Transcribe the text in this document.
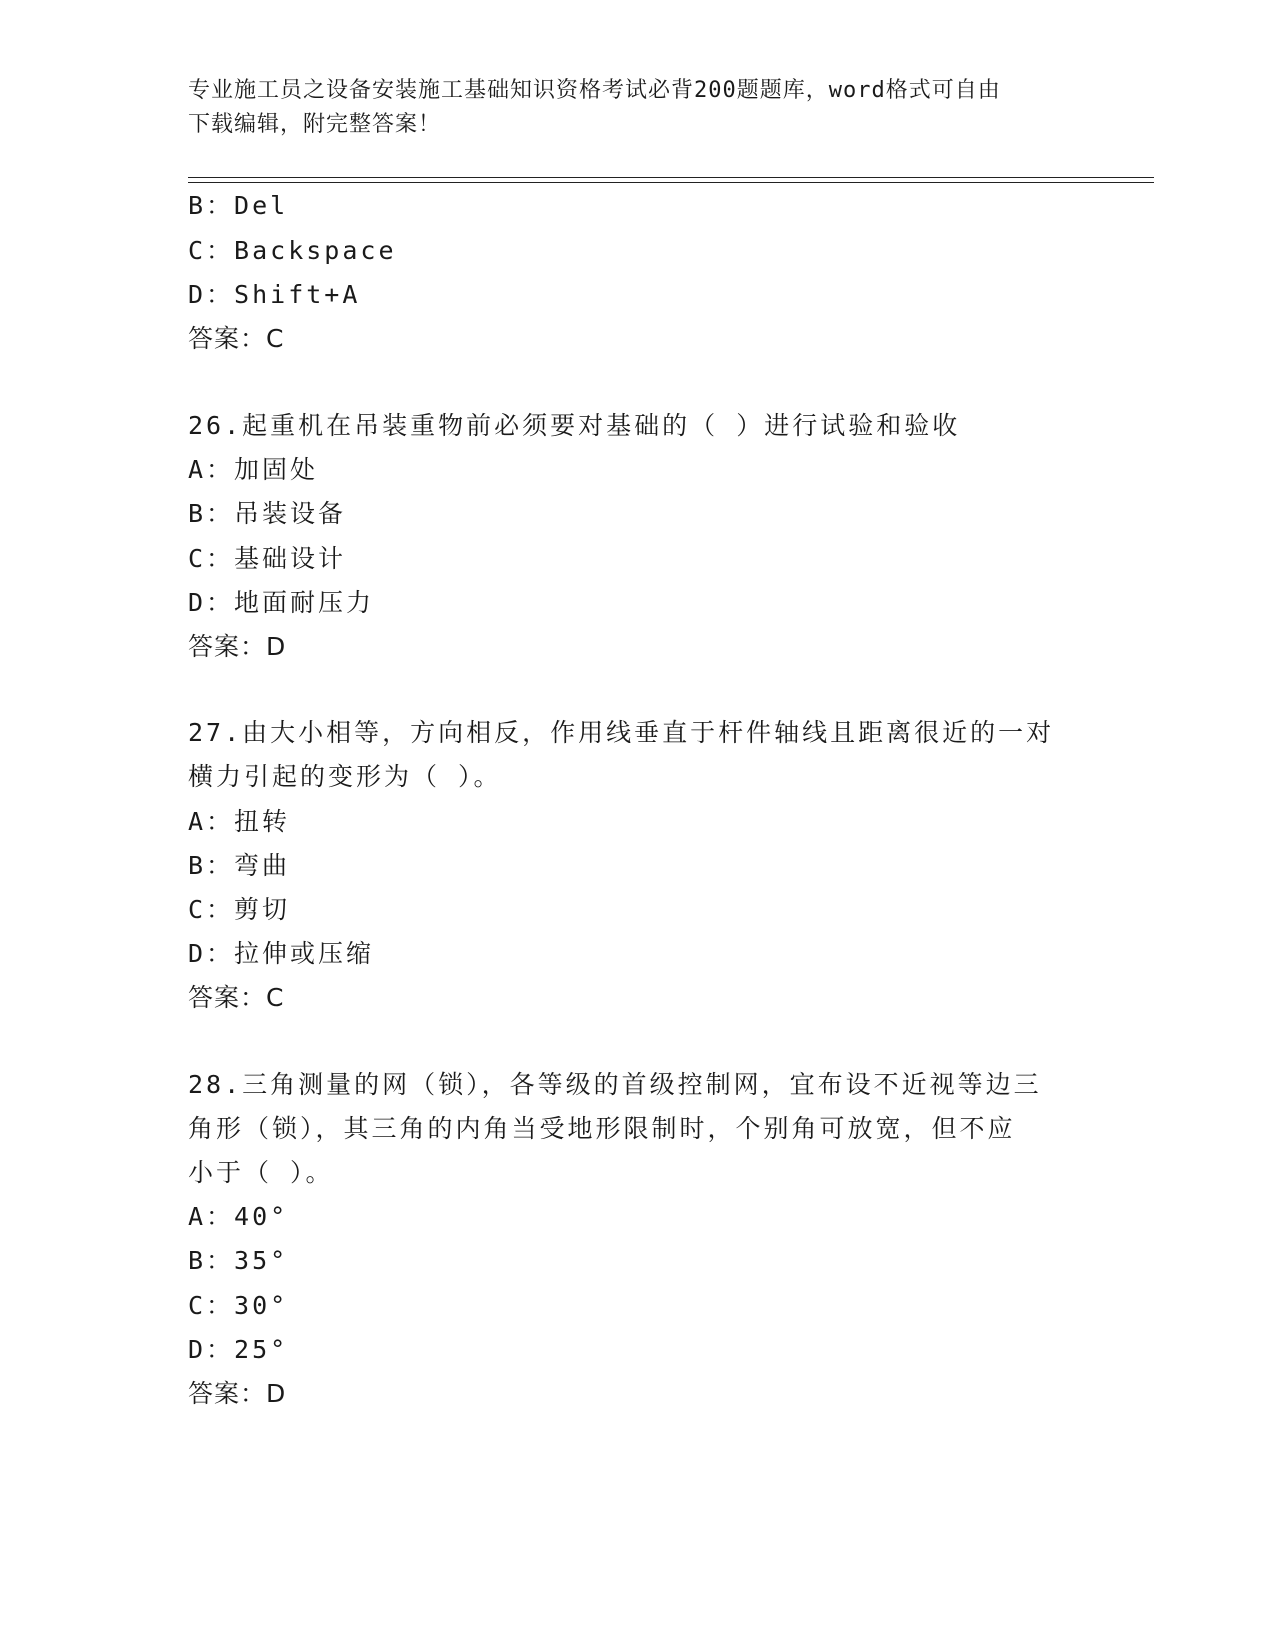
专业施工员之设备安装施工基础知识资格考试必背200题题库，word格式可自由
下载编辑，附完整答案！
B：Del
C：Backspace
D：Shift+A
答案：C
26.起重机在吊装重物前必须要对基础的（ ）进行试验和验收
A：加固处
B：吊装设备
C：基础设计
D：地面耐压力
答案：D
27.由大小相等，方向相反，作用线垂直于杆件轴线且距离很近的一对
横力引起的变形为（ ）。
A：扭转
B：弯曲
C：剪切
D：拉伸或压缩
答案：C
28.三角测量的网（锁），各等级的首级控制网，宜布设不近视等边三
角形（锁），其三角的内角当受地形限制时，个别角可放宽，但不应
小于（ ）。
A：40°
B：35°
C：30°
D：25°
答案：D
